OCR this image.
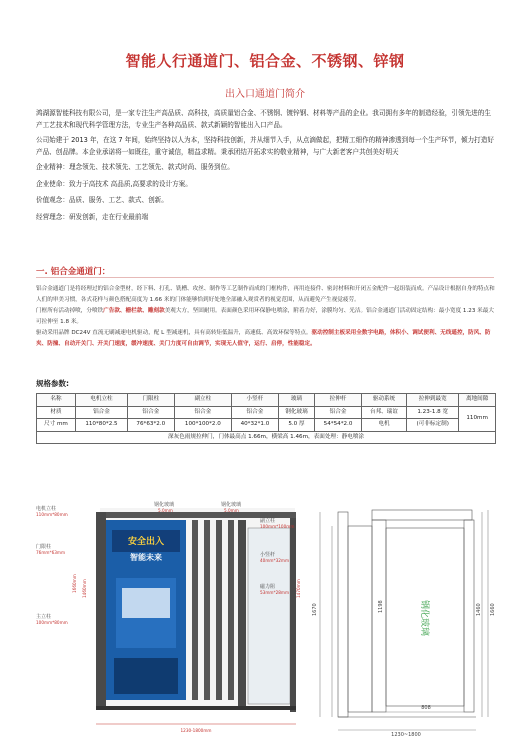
智能人行通道门、铝合金、不锈钢、锌钢
出入口通道门简介

鸿湖源智能科技有限公司，是一家专注生产高品质、高科技，高质量铝合金、不锈钢、镀锌钢、材料等产品的企业。我司拥有多年的制造经验，引领先进的生产工艺技术和现代科学管理方法，专业生产各种高品质、款式新颖的智能出入口产品。

公司始建于 2013 年，在这 7 年间，始终坚持以人为本，坚持科技创新，并从细节入手，从点滴做起，把精工细作的精神渗透到每一个生产环节，倾力打造好产品、创品牌。本企业承诺将一如既往，重守诚信，精益求精。秉承团结开拓求实的敬业精神，与广大新老客户共创美好明天

企业精神：理念领先、技术领先、工艺领先、款式时尚、服务到位。

企业使命：致力于高技术 高品质,高要求的设计方案。

价值观念：品质、服务、工艺、款式、创新。

经营理念：研发创新，走在行业最前端

一. 铝合金通道门：

铝合金通道门是将经理过的铝合金型材，经下料、打孔、铣槽、攻丝、制作等工艺制作而成的门框构件，再用连接件、密封材料和开闭五金配件一起组装而成。产品设计根据自身的特点和人们的审美习惯，各式花样与颜色搭配高度为 1.66 米的门体能够恰到好处地全部融入观赏者的视觉范围，从而避免产生视觉疲劳。

门框所有活动掉喷，分喷铁广告款、栅栏款、雕刻款美观大方，坚固耐用。表面颜色采用环保静电喷涂，附着力好，涂膜均匀、光洁。铝合金通道门活动固定结构：最小宽度 1.23 米最大可拉伸至 1.8 米。

驱动采用品牌 DC24V 直流无刷减速电机驱动，配 L 型减速机，具有高转矩低温升，高速低、高效环保等特点。驱动控制主板采用全数字电路，体积小、调试便利、无线遥控，防风、防夹、防撞、自动开关门、开关门速度，缓冲速度、关门力度可自由调节，实现无人值守，运行、启停，性能稳定。

规格参数:
名称	电机立柱	门限柱	副立柱	小竖杆	玻璃	拉伸杆	驱动系统	拉伸到最宽	离地间隙
材质	铝合金	铝合金	铝合金	铝合金	钢化玻璃	铝合金	台邦、瑞谊	1.23-1.8 宽	110mm
尺寸 mm	110*80*2.5	76*63*2.0	100*100*2.0	40*32*1.0	5.0 厚	54*54*2.0	电机	(可非标定制)	
深灰色雨规拉伸门，门体最高点 1.66m，横梁高 1.46m，表面处理：静电喷涂									
安全出入
智能未来
电机立柱
110mm*80mm
门限柱
76mm*63mm
主立柱
100mm*80mm
1660mm 1460mm
钢化玻璃
5.0mm
钢化玻璃
5.0mm
副立柱
100mm*100mm
小竖杆
40mm*32mm
磁力阻
53mm*28mm 1470mm
1230-1800mm
钢化玻璃
1670	1198	1460 1660
808
1230~1800
